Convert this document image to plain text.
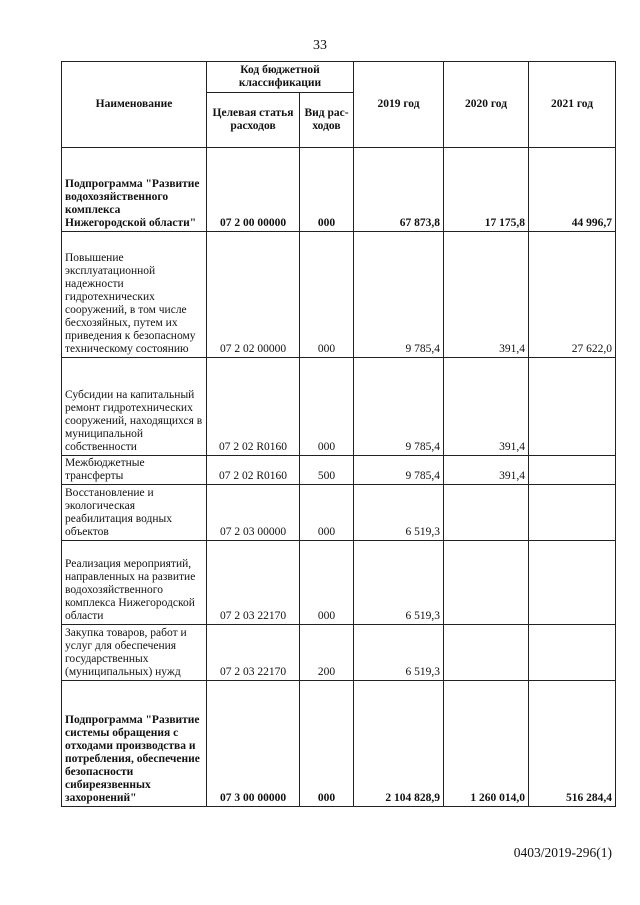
33
Наименование	Код бюджетной классификации		2019 год	2020 год	2021 год
	Целевая статья расходов	Вид рас-ходов			
Подпрограмма "Развитие водохозяйственного комплекса Нижегородской области"	07 2 00 00000	000	67 873,8	17 175,8	44 996,7
Повышение эксплуатационной надежности гидротехнических сооружений, в том числе бесхозяйных, путем их приведения к безопасному техническому состоянию	07 2 02 00000	000	9 785,4	391,4	27 622,0
Субсидии на капитальный ремонт гидротехнических сооружений, находящихся в муниципальной собственности	07 2 02 R0160	000	9 785,4	391,4	
Межбюджетные трансферты	07 2 02 R0160	500	9 785,4	391,4	
Восстановление и экологическая реабилитация водных объектов	07 2 03 00000	000	6 519,3		
Реализация мероприятий, направленных на развитие водохозяйственного комплекса Нижегородской области	07 2 03 22170	000	6 519,3		
Закупка товаров, работ и услуг для обеспечения государственных (муниципальных) нужд	07 2 03 22170	200	6 519,3		
Подпрограмма "Развитие системы обращения с отходами производства и потребления, обеспечение безопасности сибиреязвенных захоронений"	07 3 00 00000	000	2 104 828,9	1 260 014,0	516 284,4
0403/2019-296(1)
